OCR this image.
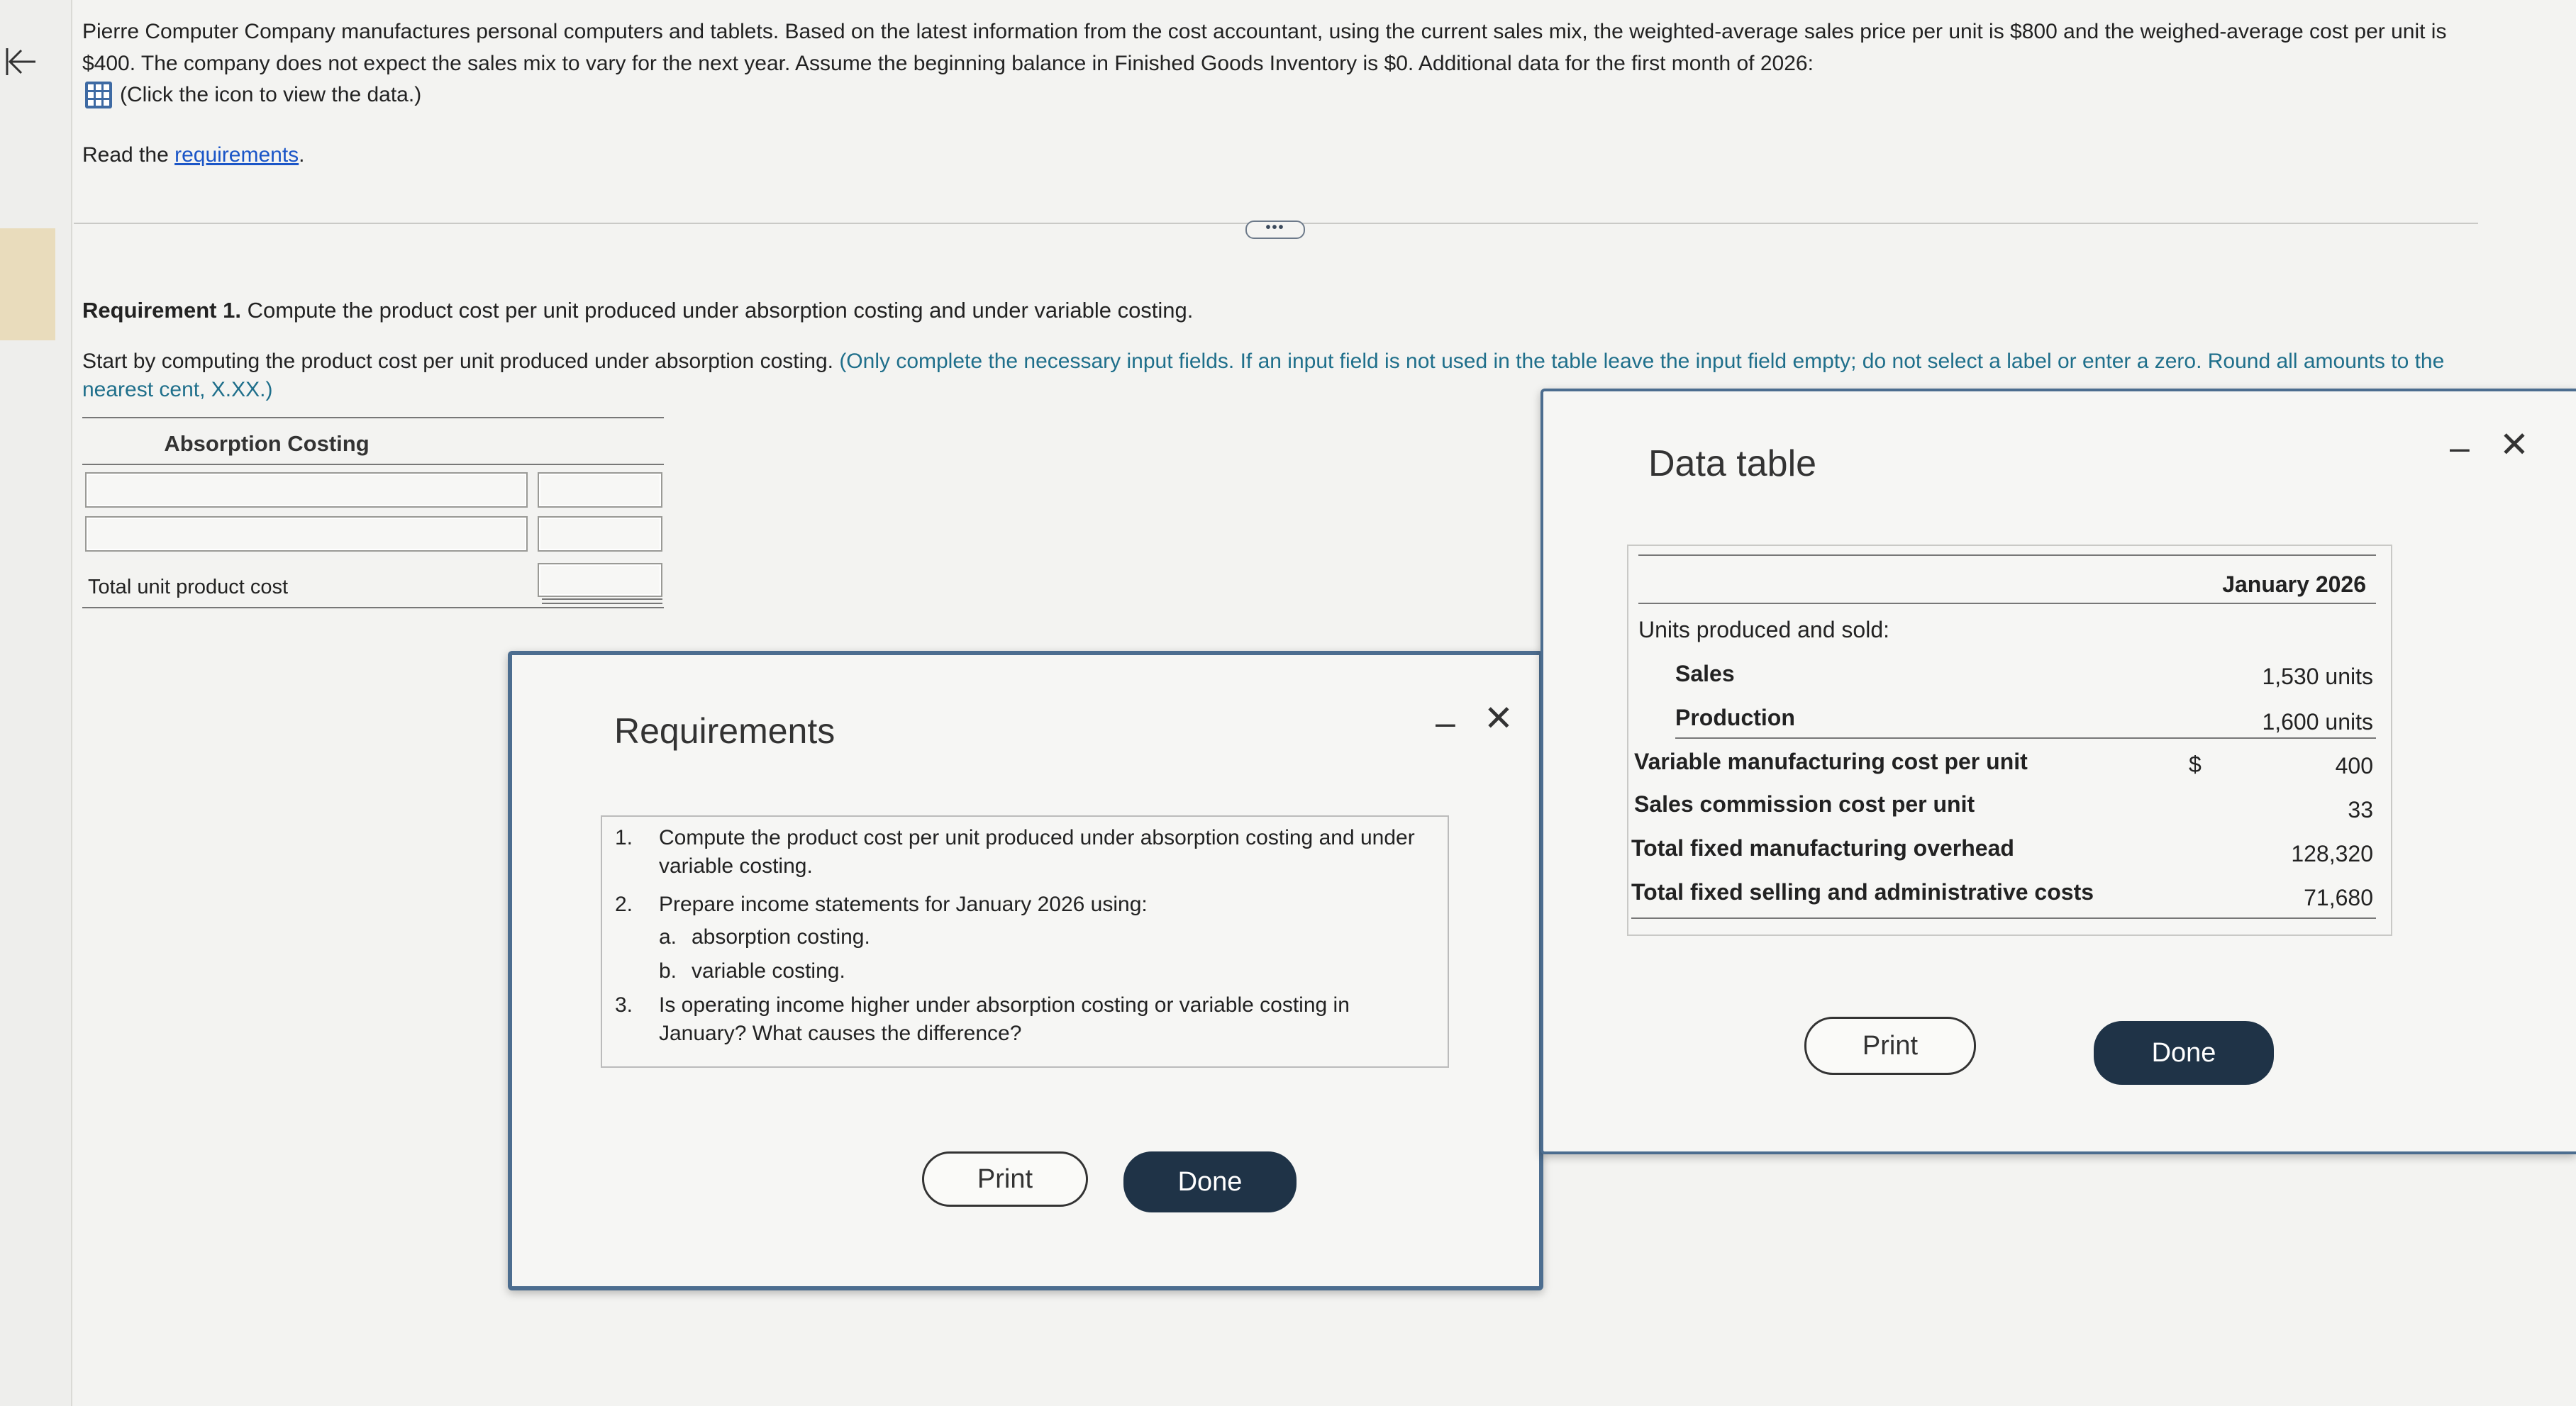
Pierre Computer Company manufactures personal computers and tablets. Based on the latest information from the cost accountant, using the current sales mix, the weighted-average sales price per unit is $800 and the weighed-average cost per unit is $400. The company does not expect the sales mix to vary for the next year. Assume the beginning balance in Finished Goods Inventory is $0. Additional data for the first month of 2026:
(Click the icon to view the data.)
Read the requirements.
•••
Requirement 1. Compute the product cost per unit produced under absorption costing and under variable costing.
Start by computing the product cost per unit produced under absorption costing. (Only complete the necessary input fields. If an input field is not used in the table leave the input field empty; do not select a label or enter a zero. Round all amounts to the nearest cent, X.XX.)
Absorption Costing
Total unit product cost
Requirements	‒ ✕
1. Compute the product cost per unit produced under absorption costing and under variable costing.
2. Prepare income statements for January 2026 using:
a. absorption costing.
b. variable costing.
3. Is operating income higher under absorption costing or variable costing in January? What causes the difference?
Print	Done
Data table	‒ ✕
January 2026
Units produced and sold:
Sales	1,530 units
Production	1,600 units
Variable manufacturing cost per unit	$	400
Sales commission cost per unit	33
Total fixed manufacturing overhead	128,320
Total fixed selling and administrative costs	71,680
Print	Done
